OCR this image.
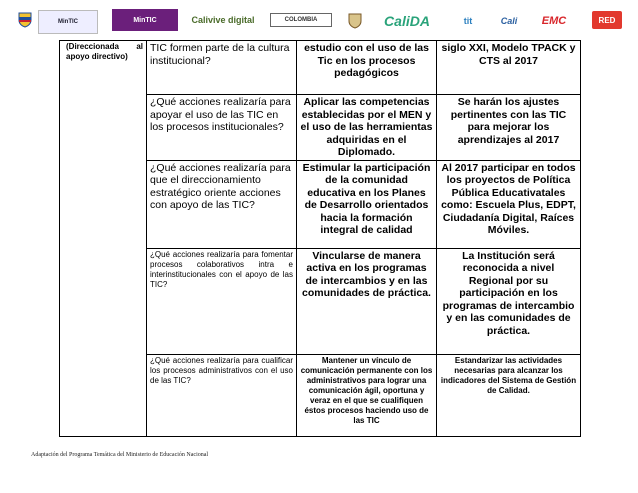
MinTIC	MinTIC	Calivive digital	COLOMBIA	CaliDA	tit	Cali	EMC	RED
(Direccionada al apoyo directivo)	TIC formen parte de la cultura institucional?	estudio con el uso de las Tic en los procesos pedagógicos	siglo XXI, Modelo TPACK y CTS al 2017
	¿Qué acciones realizaría para apoyar el uso de las TIC en los procesos institucionales?	Aplicar las competencias establecidas por el MEN y el uso de las herramientas adquiridas en el Diplomado.	Se harán los ajustes pertinentes con las TIC para mejorar los aprendizajes al 2017
	¿Qué acciones realizaría para que el direccionamiento estratégico oriente acciones con apoyo de las TIC?	Estimular la participación de la comunidad educativa en los Planes de Desarrollo orientados hacia la formación integral de calidad	Al 2017 participar en todos los proyectos de Política Pública Educativatales como: Escuela Plus, EDPT, Ciudadanía Digital, Raíces Móviles.
	¿Qué acciones realizaría para fomentar procesos colaborativos intra e interinstitucionales con el apoyo de las TIC?	Vincularse de manera activa en los programas de intercambios y en las comunidades de práctica.	La Institución será reconocida a nivel Regional por su participación en los programas de intercambio y en las comunidades de práctica.
	¿Qué acciones realizaría para cualificar los procesos administrativos con el uso de las TIC?	Mantener un vínculo de comunicación permanente con los administrativos para lograr una comunicación ágil, oportuna y veraz en el que se cualifiquen éstos procesos haciendo uso de las TIC	Estandarizar las actividades necesarias para alcanzar los indicadores del Sistema de Gestión de Calidad.
Adaptación del Programa Temática del Ministerio de Educación Nacional
